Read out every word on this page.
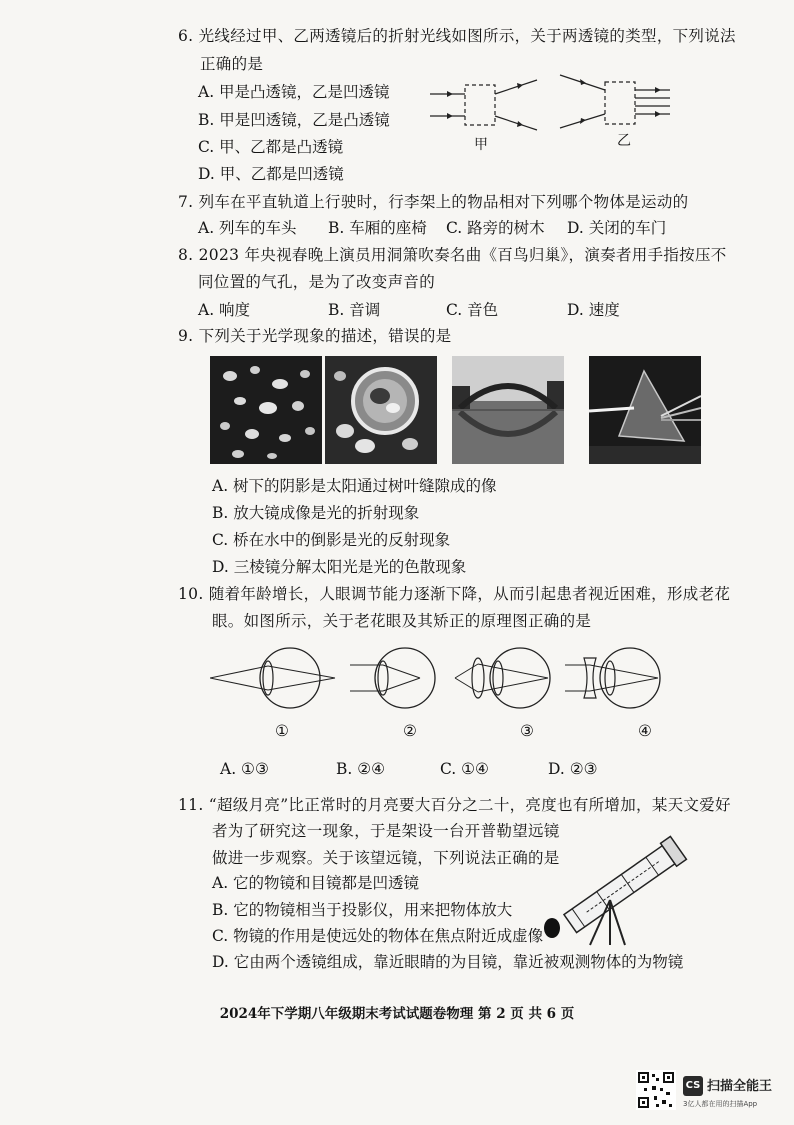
6. 光线经过甲、乙两透镜后的折射光线如图所示，关于两透镜的类型，下列说法
正确的是
A. 甲是凸透镜，乙是凹透镜
B. 甲是凹透镜，乙是凸透镜
C. 甲、乙都是凸透镜
D. 甲、乙都是凹透镜
甲	乙
7. 列车在平直轨道上行驶时，行李架上的物品相对下列哪个物体是运动的
A. 列车的车头 B. 车厢的座椅 C. 路旁的树木 D. 关闭的车门
8. 2023 年央视春晚上演员用洞箫吹奏名曲《百鸟归巢》，演奏者用手指按压不
同位置的气孔，是为了改变声音的
A. 响度	B. 音调	C. 音色	D. 速度
9. 下列关于光学现象的描述，错误的是
A. 树下的阴影是太阳通过树叶缝隙成的像
B. 放大镜成像是光的折射现象
C. 桥在水中的倒影是光的反射现象
D. 三棱镜分解太阳光是光的色散现象
10. 随着年龄增长，人眼调节能力逐渐下降，从而引起患者视近困难，形成老花
眼。如图所示，关于老花眼及其矫正的原理图正确的是
①	②	③	④
A. ①③	B. ②④	C. ①④	D. ②③
11. “超级月亮”比正常时的月亮要大百分之二十，亮度也有所增加，某天文爱好
者为了研究这一现象，于是架设一台开普勒望远镜
做进一步观察。关于该望远镜，下列说法正确的是
A. 它的物镜和目镜都是凹透镜
B. 它的物镜相当于投影仪，用来把物体放大
C. 物镜的作用是使远处的物体在焦点附近成虚像
D. 它由两个透镜组成，靠近眼睛的为目镜，靠近被观测物体的为物镜
2024年下学期八年级期末考试试题卷物理 第 2 页 共 6 页
CS 扫描全能王
3亿人都在用的扫描App
